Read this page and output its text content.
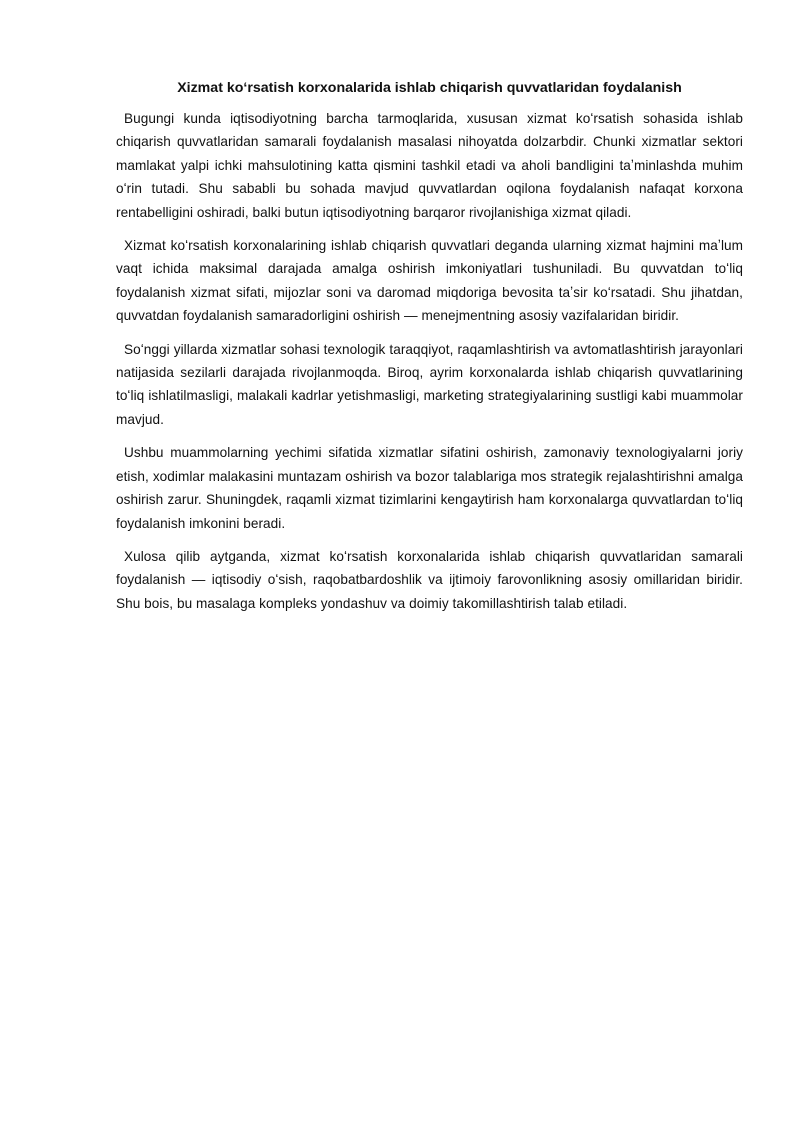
Xizmat koʻrsatish korxonalarida ishlab chiqarish quvvatlaridan foydalanish

Bugungi kunda iqtisodiyotning barcha tarmoqlarida, xususan xizmat koʻrsatish sohasida ishlab chiqarish quvvatlaridan samarali foydalanish masalasi nihoyatda dolzarbdir. Chunki xizmatlar sektori mamlakat yalpi ichki mahsulotining katta qismini tashkil etadi va aholi bandligini taʼminlashda muhim oʻrin tutadi. Shu sababli bu sohada mavjud quvvatlardan oqilona foydalanish nafaqat korxona rentabelligini oshiradi, balki butun iqtisodiyotning barqaror rivojlanishiga xizmat qiladi.

Xizmat koʻrsatish korxonalarining ishlab chiqarish quvvatlari deganda ularning xizmat hajmini maʼlum vaqt ichida maksimal darajada amalga oshirish imkoniyatlari tushuniladi. Bu quvvatdan toʻliq foydalanish xizmat sifati, mijozlar soni va daromad miqdoriga bevosita taʼsir koʻrsatadi. Shu jihatdan, quvvatdan foydalanish samaradorligini oshirish — menejmentning asosiy vazifalaridan biridir.

Soʻnggi yillarda xizmatlar sohasi texnologik taraqqiyot, raqamlashtirish va avtomatlashtirish jarayonlari natijasida sezilarli darajada rivojlanmoqda. Biroq, ayrim korxonalarda ishlab chiqarish quvvatlarining toʻliq ishlatilmasligi, malakali kadrlar yetishmasligi, marketing strategiyalarining sustligi kabi muammolar mavjud.

Ushbu muammolarning yechimi sifatida xizmatlar sifatini oshirish, zamonaviy texnologiyalarni joriy etish, xodimlar malakasini muntazam oshirish va bozor talablariga mos strategik rejalashtirishni amalga oshirish zarur. Shuningdek, raqamli xizmat tizimlarini kengaytirish ham korxonalarga quvvatlardan toʻliq foydalanish imkonini beradi.

Xulosa qilib aytganda, xizmat koʻrsatish korxonalarida ishlab chiqarish quvvatlaridan samarali foydalanish — iqtisodiy oʻsish, raqobatbardoshlik va ijtimoiy farovonlikning asosiy omillaridan biridir. Shu bois, bu masalaga kompleks yondashuv va doimiy takomillashtirish talab etiladi.
